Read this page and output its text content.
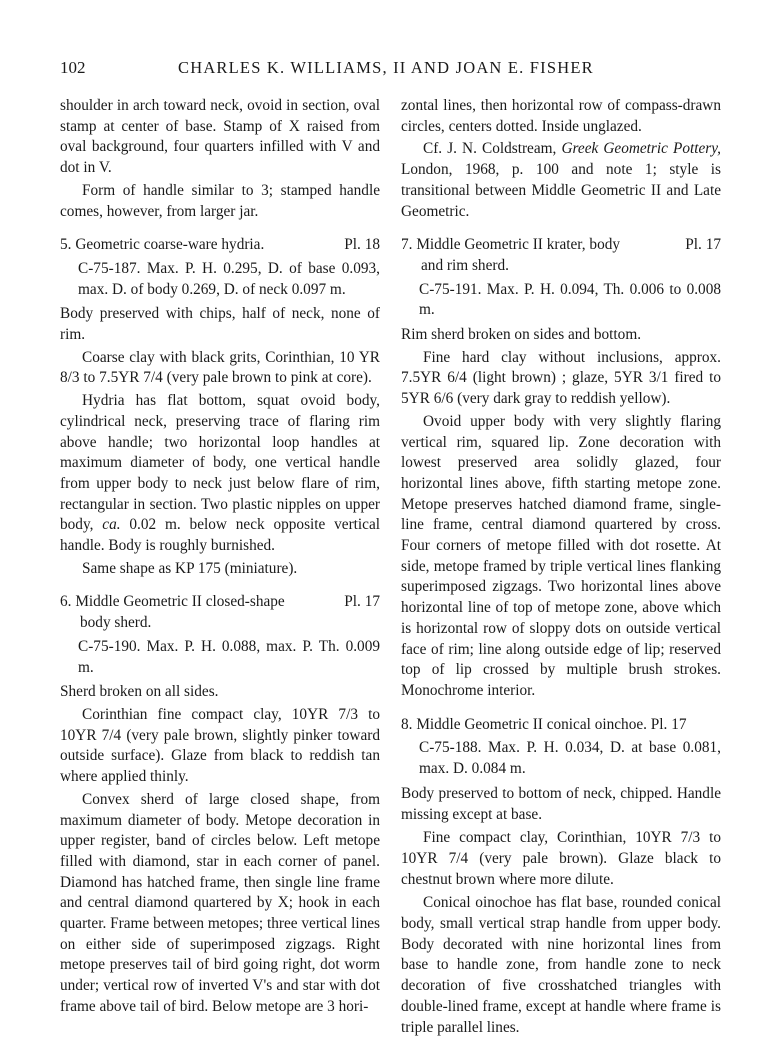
102	CHARLES K. WILLIAMS, II AND JOAN E. FISHER

shoulder in arch toward neck, ovoid in section, oval stamp at center of base. Stamp of X raised from oval background, four quarters infilled with V and dot in V.

Form of handle similar to 3; stamped handle comes, however, from larger jar.

5. Geometric coarse-ware hydria.	Pl. 18

C-75-187. Max. P. H. 0.295, D. of base 0.093, max. D. of body 0.269, D. of neck 0.097 m.

Body preserved with chips, half of neck, none of rim.

Coarse clay with black grits, Corinthian, 10 YR 8/3 to 7.5YR 7/4 (very pale brown to pink at core).

Hydria has flat bottom, squat ovoid body, cylindrical neck, preserving trace of flaring rim above handle; two horizontal loop handles at maximum diameter of body, one vertical handle from upper body to neck just below flare of rim, rectangular in section. Two plastic nipples on upper body, ca. 0.02 m. below neck opposite vertical handle. Body is roughly burnished.

Same shape as KP 175 (miniature).

6. Middle Geometric II closed-shape	Pl. 17
body sherd.

C-75-190. Max. P. H. 0.088, max. P. Th. 0.009 m.

Sherd broken on all sides.

Corinthian fine compact clay, 10YR 7/3 to 10YR 7/4 (very pale brown, slightly pinker toward outside surface). Glaze from black to reddish tan where applied thinly.

Convex sherd of large closed shape, from maximum diameter of body. Metope decoration in upper register, band of circles below. Left metope filled with diamond, star in each corner of panel. Diamond has hatched frame, then single line frame and central diamond quartered by X; hook in each quarter. Frame between metopes; three vertical lines on either side of superimposed zigzags. Right metope preserves tail of bird going right, dot worm under; vertical row of inverted V's and star with dot frame above tail of bird. Below metope are 3 hori-

zontal lines, then horizontal row of compass-drawn circles, centers dotted. Inside unglazed.

Cf. J. N. Coldstream, Greek Geometric Pottery, London, 1968, p. 100 and note 1; style is transitional between Middle Geometric II and Late Geometric.

7. Middle Geometric II krater, body	Pl. 17
and rim sherd.

C-75-191. Max. P. H. 0.094, Th. 0.006 to 0.008 m.

Rim sherd broken on sides and bottom.

Fine hard clay without inclusions, approx. 7.5YR 6/4 (light brown) ; glaze, 5YR 3/1 fired to 5YR 6/6 (very dark gray to reddish yellow).

Ovoid upper body with very slightly flaring vertical rim, squared lip. Zone decoration with lowest preserved area solidly glazed, four horizontal lines above, fifth starting metope zone. Metope preserves hatched diamond frame, single-line frame, central diamond quartered by cross. Four corners of metope filled with dot rosette. At side, metope framed by triple vertical lines flanking superimposed zigzags. Two horizontal lines above horizontal line of top of metope zone, above which is horizontal row of sloppy dots on outside vertical face of rim; line along outside edge of lip; reserved top of lip crossed by multiple brush strokes. Monochrome interior.

8. Middle Geometric II conical oinchoe. Pl. 17

C-75-188. Max. P. H. 0.034, D. at base 0.081, max. D. 0.084 m.

Body preserved to bottom of neck, chipped. Handle missing except at base.

Fine compact clay, Corinthian, 10YR 7/3 to 10YR 7/4 (very pale brown). Glaze black to chestnut brown where more dilute.

Conical oinochoe has flat base, rounded conical body, small vertical strap handle from upper body. Body decorated with nine horizontal lines from base to handle zone, from handle zone to neck decoration of five crosshatched triangles with double-lined frame, except at handle where frame is triple parallel lines.
